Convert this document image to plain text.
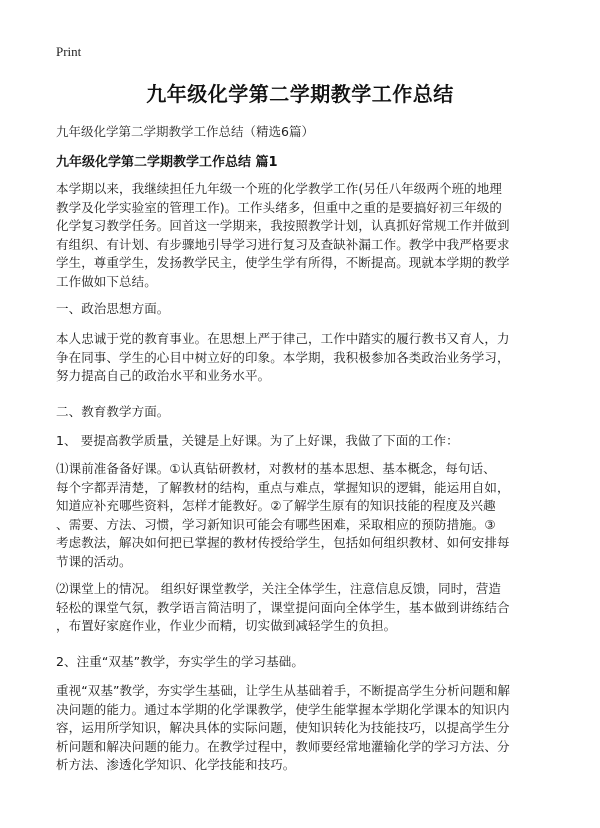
Print
九年级化学第二学期教学工作总结
九年级化学第二学期教学工作总结（精选6篇）
九年级化学第二学期教学工作总结 篇1
本学期以来，我继续担任九年级一个班的化学教学工作(另任八年级两个班的地理
教学及化学实验室的管理工作)。工作头绪多，但重中之重的是要搞好初三年级的
化学复习教学任务。回首这一学期来，我按照教学计划，认真抓好常规工作并做到
有组织、有计划、有步骤地引导学习进行复习及查缺补漏工作。教学中我严格要求
学生，尊重学生，发扬教学民主，使学生学有所得，不断提高。现就本学期的教学
工作做如下总结。
一、政治思想方面。
本人忠诚于党的教育事业。在思想上严于律己，工作中踏实的履行教书又育人，力
争在同事、学生的心目中树立好的印象。本学期，我积极参加各类政治业务学习，
努力提高自己的政治水平和业务水平。
二、教育教学方面。
1、 要提高教学质量，关键是上好课。为了上好课，我做了下面的工作：
⑴课前准备备好课。①认真钻研教材，对教材的基本思想、基本概念，每句话、
每个字都弄清楚，了解教材的结构，重点与难点，掌握知识的逻辑，能运用自如，
知道应补充哪些资料，怎样才能教好。②了解学生原有的知识技能的程度及兴趣
、需要、方法、习惯，学习新知识可能会有哪些困难，采取相应的预防措施。③
考虑教法，解决如何把已掌握的教材传授给学生，包括如何组织教材、如何安排每
节课的活动。
⑵课堂上的情况。 组织好课堂教学，关注全体学生，注意信息反馈，同时，营造
轻松的课堂气氛，教学语言简洁明了，课堂提问面向全体学生，基本做到讲练结合
，布置好家庭作业，作业少而精，切实做到减轻学生的负担。
2、注重“双基”教学，夯实学生的学习基础。
重视“双基”教学，夯实学生基础，让学生从基础着手，不断提高学生分析问题和解
决问题的能力。通过本学期的化学课教学，使学生能掌握本学期化学课本的知识内
容，运用所学知识，解决具体的实际问题，使知识转化为技能技巧，以提高学生分
析问题和解决问题的能力。在教学过程中，教师要经常地灌输化学的学习方法、分
析方法、渗透化学知识、化学技能和技巧。
